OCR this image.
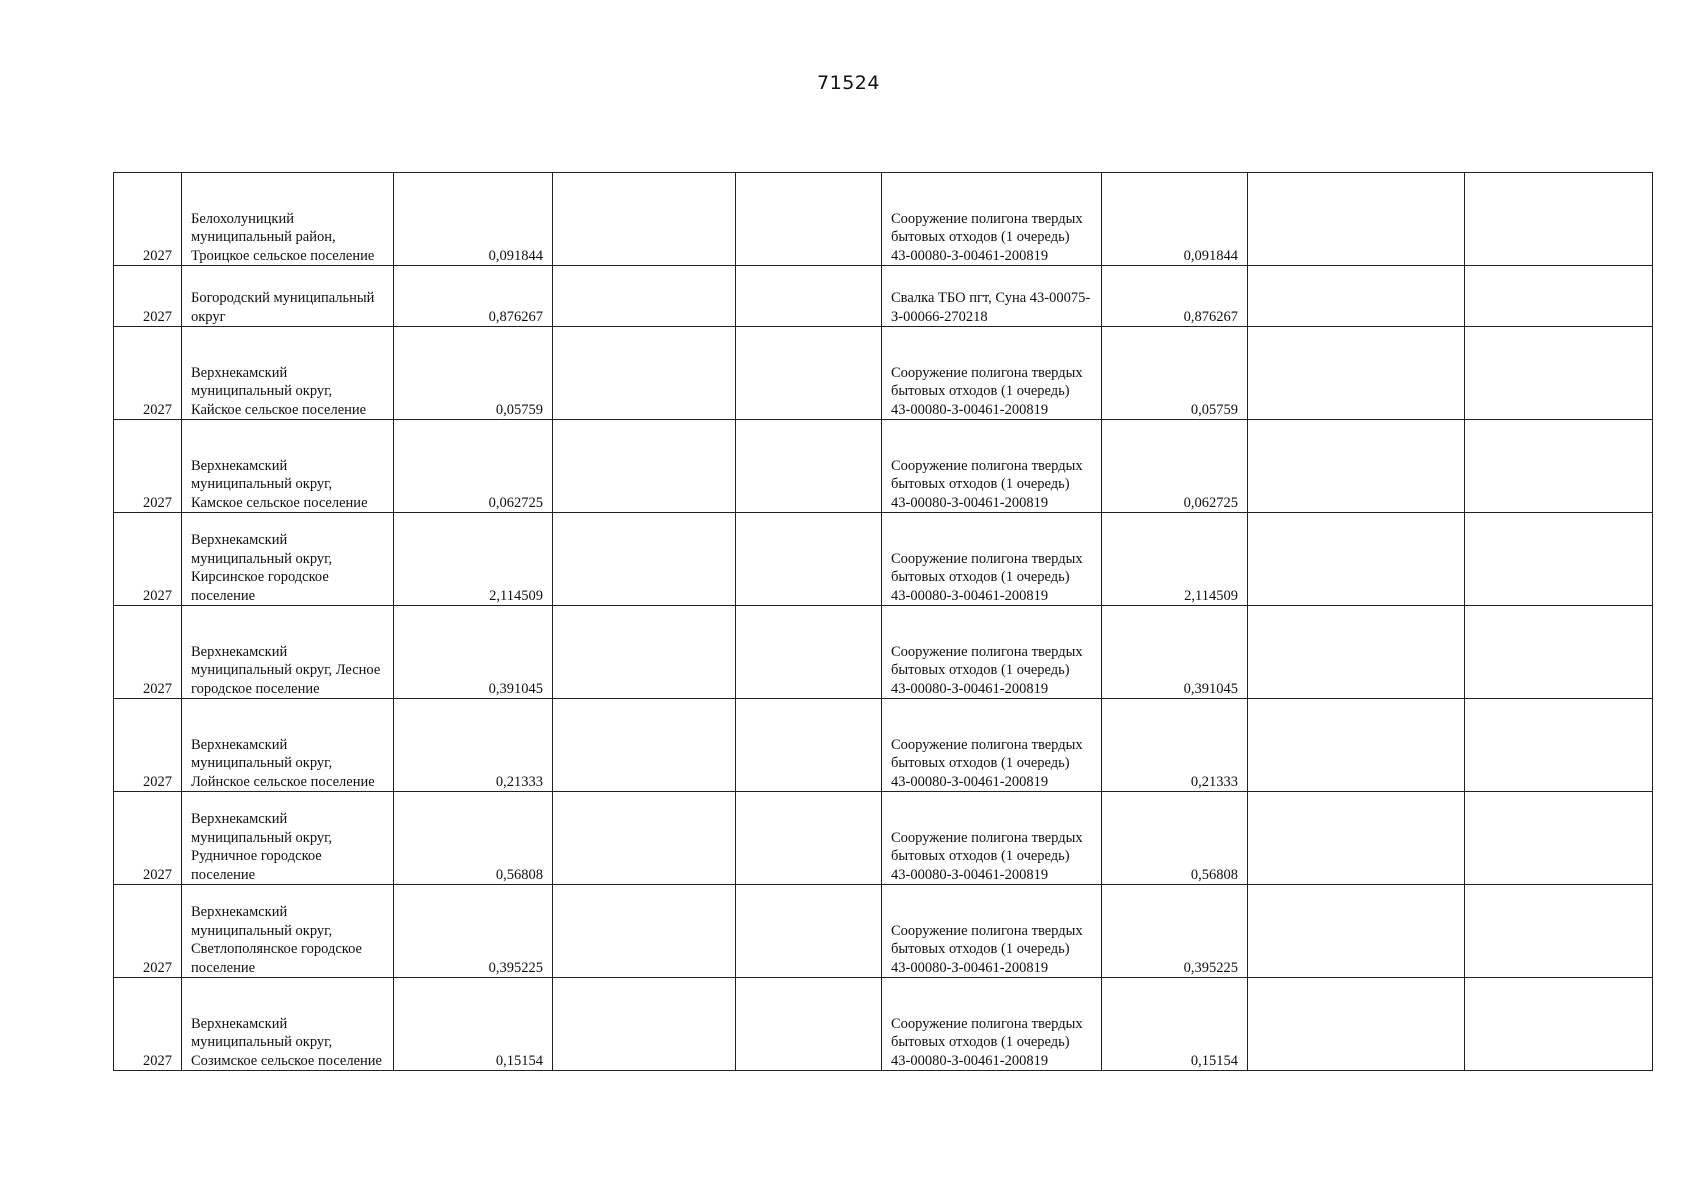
71524
2027	Белохолуницкий муниципальный район, Троицкое сельское поселение	0,091844			Сооружение полигона твердых бытовых отходов (1 очередь) 43-00080-З-00461-200819	0,091844		
2027	Богородский муниципальный округ	0,876267			Свалка ТБО пгт, Суна 43-00075-З-00066-270218	0,876267		
2027	Верхнекамский муниципальный округ, Кайское сельское поселение	0,05759			Сооружение полигона твердых бытовых отходов (1 очередь) 43-00080-З-00461-200819	0,05759		
2027	Верхнекамский муниципальный округ, Камское сельское поселение	0,062725			Сооружение полигона твердых бытовых отходов (1 очередь) 43-00080-З-00461-200819	0,062725		
2027	Верхнекамский муниципальный округ, Кирсинское городское поселение	2,114509			Сооружение полигона твердых бытовых отходов (1 очередь) 43-00080-З-00461-200819	2,114509		
2027	Верхнекамский муниципальный округ, Лесное городское поселение	0,391045			Сооружение полигона твердых бытовых отходов (1 очередь) 43-00080-З-00461-200819	0,391045		
2027	Верхнекамский муниципальный округ, Лойнское сельское поселение	0,21333			Сооружение полигона твердых бытовых отходов (1 очередь) 43-00080-З-00461-200819	0,21333		
2027	Верхнекамский муниципальный округ, Рудничное городское поселение	0,56808			Сооружение полигона твердых бытовых отходов (1 очередь) 43-00080-З-00461-200819	0,56808		
2027	Верхнекамский муниципальный округ, Светлополянское городское поселение	0,395225			Сооружение полигона твердых бытовых отходов (1 очередь) 43-00080-З-00461-200819	0,395225		
2027	Верхнекамский муниципальный округ, Созимское сельское поселение	0,15154			Сооружение полигона твердых бытовых отходов (1 очередь) 43-00080-З-00461-200819	0,15154		
